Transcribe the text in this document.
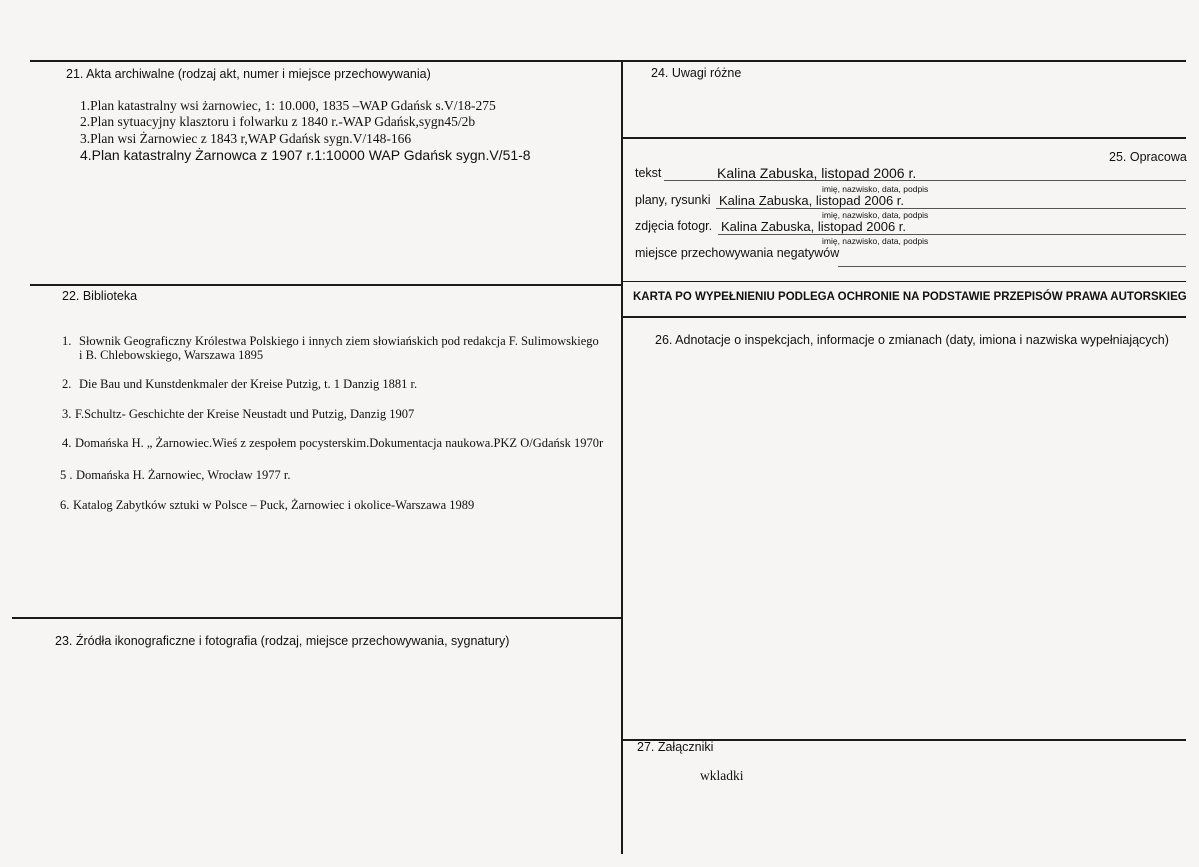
21. Akta archiwalne (rodzaj akt, numer i miejsce przechowywania)
1.Plan katastralny wsi żarnowiec, 1: 10.000, 1835 –WAP Gdańsk s.V/18-275
2.Plan sytuacyjny klasztoru i folwarku z 1840 r.-WAP Gdańsk,sygn45/2b
3.Plan wsi Żarnowiec z 1843 r,WAP Gdańsk sygn.V/148-166
4.Plan katastralny Żarnowca z 1907 r.1:10000 WAP Gdańsk sygn.V/51-8
22. Biblioteka
1. Słownik Geograficzny Królestwa Polskiego i innych ziem słowiańskich pod redakcja F. Sulimowskiego
i B. Chlebowskiego, Warszawa 1895
2. Die Bau und Kunstdenkmaler der Kreise Putzig, t. 1 Danzig 1881 r.
3. F.Schultz- Geschichte der Kreise Neustadt und Putzig, Danzig 1907
4. Domańska H. „ Żarnowiec.Wieś z zespołem pocysterskim.Dokumentacja naukowa.PKZ O/Gdańsk 1970r
5 . Domańska H. Żarnowiec, Wrocław 1977 r.
6. Katalog Zabytków sztuki w Polsce – Puck, Żarnowiec i okolice-Warszawa 1989
23. Źródła ikonograficzne i fotografia (rodzaj, miejsce przechowywania, sygnatury)
24. Uwagi różne
25. Opracowa
tekst	Kalina Zabuska, listopad 2006 r.
imię, nazwisko, data, podpis
plany, rysunki Kalina Zabuska, listopad 2006 r.
imię, nazwisko, data, podpis
zdjęcia fotogr. Kalina Zabuska, listopad 2006 r.
imię, nazwisko, data, podpis
miejsce przechowywania negatywów
KARTA PO WYPEŁNIENIU PODLEGA OCHRONIE NA PODSTAWIE PRZEPISÓW PRAWA AUTORSKIEG
26. Adnotacje o inspekcjach, informacje o zmianach (daty, imiona i nazwiska wypełniających)
27. Załączniki
wkladki
